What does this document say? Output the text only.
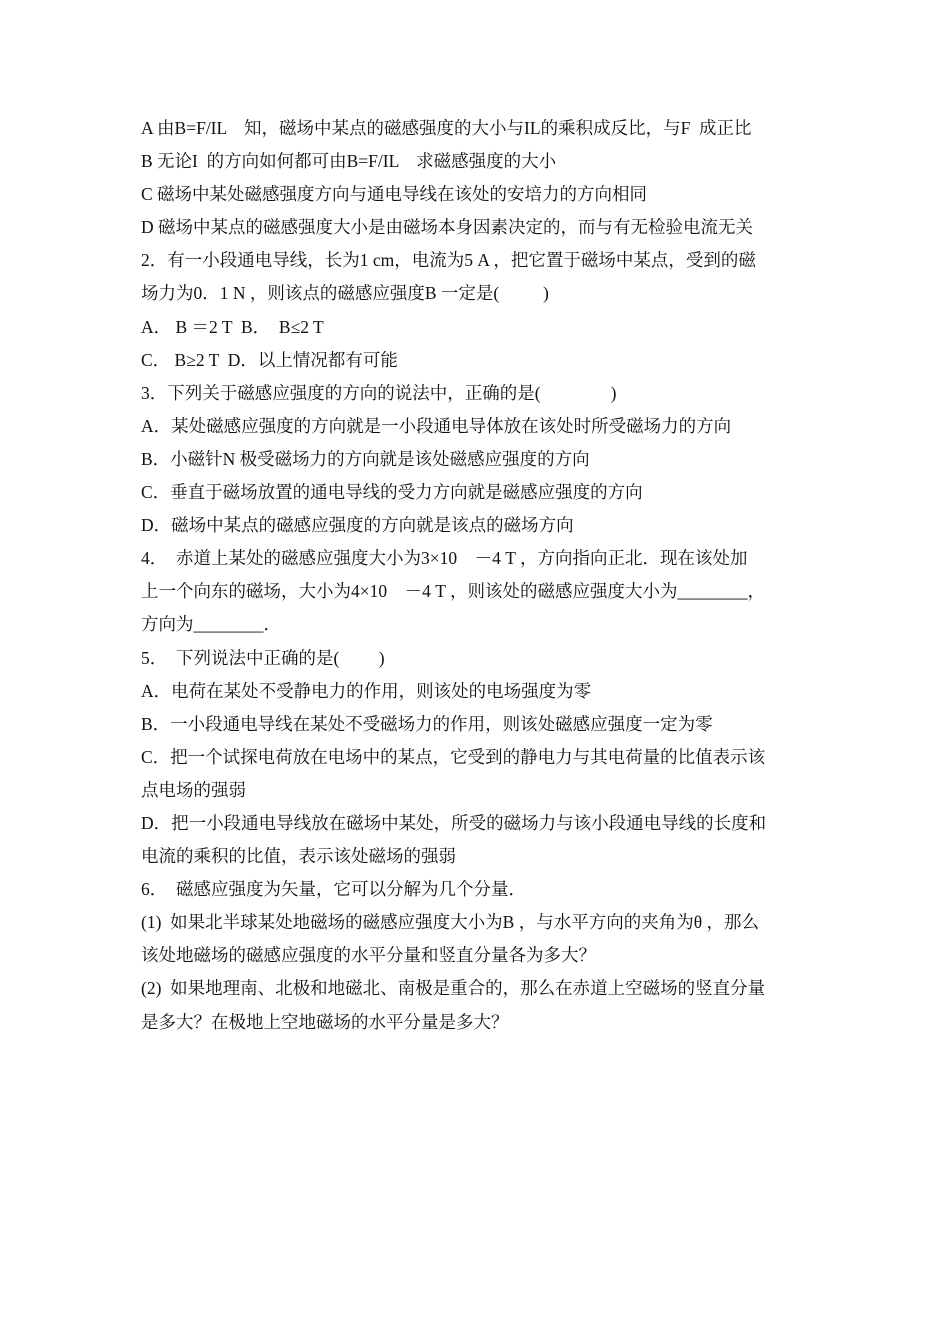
A 由B=F/IL　知，磁场中某点的磁感强度的大小与IL的乘积成反比，与F  成正比
B 无论I  的方向如何都可由B=F/IL　求磁感强度的大小
C 磁场中某处磁感强度方向与通电导线在该处的安培力的方向相同
D 磁场中某点的磁感强度大小是由磁场本身因素决定的，而与有无检验电流无关
2．有一小段通电导线，长为1 cm，电流为5 A ，把它置于磁场中某点，受到的磁
场力为0．1 N ，则该点的磁感应强度B 一定是(          )
A． B ＝2 T  B．  B≤2 T
C． B≥2 T  D．以上情况都有可能
3．下列关于磁感应强度的方向的说法中，正确的是(                )
A．某处磁感应强度的方向就是一小段通电导体放在该处时所受磁场力的方向
B．小磁针N 极受磁场力的方向就是该处磁感应强度的方向
C．垂直于磁场放置的通电导线的受力方向就是磁感应强度的方向
D．磁场中某点的磁感应强度的方向就是该点的磁场方向
4．  赤道上某处的磁感应强度大小为3×10　－4 T ，方向指向正北．现在该处加
上一个向东的磁场，大小为4×10　－4 T ，则该处的磁感应强度大小为________，
方向为________．
5．  下列说法中正确的是(         )
A．电荷在某处不受静电力的作用，则该处的电场强度为零
B．一小段通电导线在某处不受磁场力的作用，则该处磁感应强度一定为零
C．把一个试探电荷放在电场中的某点，它受到的静电力与其电荷量的比值表示该
点电场的强弱
D．把一小段通电导线放在磁场中某处，所受的磁场力与该小段通电导线的长度和
电流的乘积的比值，表示该处磁场的强弱
6．  磁感应强度为矢量，它可以分解为几个分量．
(1)  如果北半球某处地磁场的磁感应强度大小为B ，与水平方向的夹角为θ ，那么
该处地磁场的磁感应强度的水平分量和竖直分量各为多大？
(2)  如果地理南、北极和地磁北、南极是重合的，那么在赤道上空磁场的竖直分量
是多大？在极地上空地磁场的水平分量是多大？
